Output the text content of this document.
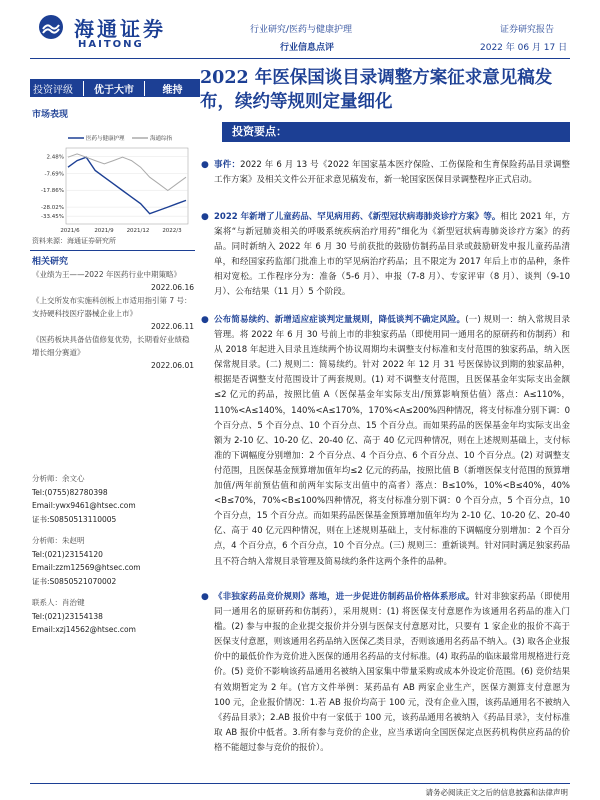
海通证券
HAITONG
行业研究/医药与健康护理
行业信息点评
证券研究报告
2022 年 06 月 17 日
投资评级	优于大市	维持
市场表现
医药与健康护理	海通综指
2.48%
-7.69%
-17.86%
-28.02%
-33.45%
2021/6	2021/9 2021/12 2022/3
资料来源：海通证券研究所
相关研究
《业绩为王——2022 年医药行业中期策略》
2022.06.16
《上交所发布实施科创板上市适用指引第 7 号：支持硬科技医疗器械企业上市》
2022.06.11
《医药板块具备估值修复优势，长期看好业绩稳增长细分赛道》
2022.06.01
分析师：余文心
Tel:(0755)82780398
Email:ywx9461@htsec.com
证书:S0850513110005
分析师：朱赵明
Tel:(021)23154120
Email:zzm12569@htsec.com
证书:S0850521070002
联系人：肖治键
Tel:(021)23154138
Email:xzj14562@htsec.com
2022 年医保国谈目录调整方案征求意见稿发布，续约等规则定量细化
投资要点：
● 事件：2022 年 6 月 13 号《2022 年国家基本医疗保险、工伤保险和生育保险药品目录调整工作方案》及相关文件公开征求意见稿发布，新一轮国家医保目录调整程序正式启动。
● 2022 年新增了儿童药品、罕见病用药、《新型冠状病毒肺炎诊疗方案》等。相比 2021 年，方案将“与新冠肺炎相关的呼吸系统疾病治疗用药”细化为《新型冠状病毒肺炎诊疗方案》的药品。同时新纳入 2022 年 6 月 30 号前获批的鼓励仿制药品目录或鼓励研发申报儿童药品清单，和经国家药监部门批准上市的罕见病治疗药品；且不限定为 2017 年后上市的品种，条件相对宽松。工作程序分为：准备（5-6 月）、申报（7-8 月）、专家评审（8 月）、谈判（9-10 月）、公布结果（11 月）5 个阶段。
● 公布简易续约、新增适应症谈判定量规则，降低谈判不确定风险。(一) 规则一：纳入常规目录管理。将 2022 年 6 月 30 号前上市的非独家药品（即使用同一通用名的原研药和仿制药）和从 2018 年起进入目录且连续两个协议周期均未调整支付标准和支付范围的独家药品，纳入医保常规目录。(二) 规则二：简易续约。针对 2022 年 12 月 31 号医保协议到期的独家品种，根据是否调整支付范围设计了两套规则。(1) 对不调整支付范围，且医保基金年实际支出金额≤2 亿元的药品，按照比值 A（医保基金年实际支出/预算影响预估值）落点：A≤110%，110%<A≤140%，140%<A≤170%，170%<A≤200%四种情况，将支付标准分别下调：0 个百分点、5 个百分点、10 个百分点、15 个百分点。而如果药品的医保基金年均实际支出金额为 2-10 亿、10-20 亿、20-40 亿、高于 40 亿元四种情况，则在上述规则基础上，支付标准的下调幅度分别增加：2 个百分点、4 个百分点、6 个百分点、10 个百分点。(2) 对调整支付范围，且医保基金预算增加值年均≤2 亿元的药品，按照比值 B（新增医保支付范围的预算增加值/两年前预估值和前两年实际支出值中的高者）落点：B≤10%，10%<B≤40%，40%<B≤70%，70%<B≤100%四种情况，将支付标准分别下调：0 个百分点，5 个百分点，10 个百分点，15 个百分点。而如果药品医保基金预算增加值年均为 2-10 亿、10-20 亿、20-40 亿、高于 40 亿元四种情况，则在上述规则基础上，支付标准的下调幅度分别增加：2 个百分点，4 个百分点，6 个百分点，10 个百分点。(三) 规则三：重新谈判。针对同时满足独家药品且不符合纳入常规目录管理及简易续约条件这两个条件的品种。
● 《非独家药品竞价规则》落地，进一步促进仿制药品价格体系形成。针对非独家药品（即使用同一通用名的原研药和仿制药），采用规则：(1) 将医保支付意愿作为该通用名药品的准入门槛。(2) 参与申报的企业提交报价并分别与医保支付意愿对比，只要有 1 家企业的报价不高于医保支付意愿，则该通用名药品纳入医保乙类目录，否则该通用名药品不纳入。(3) 取各企业报价中的最低价作为竞价进入医保的通用名药品的支付标准。(4) 取药品的临床最常用规格进行竞价。(5) 竞价不影响该药品通用名被纳入国家集中带量采购或成本外设定价范围。(6) 竞价结果有效期暂定为 2 年。(官方文件举例：某药品有 AB 两家企业生产，医保方测算支付意愿为 100 元，企业报价情况：1.若 AB 报价均高于 100 元，没有企业入围，该药品通用名不被纳入《药品目录》；2.AB 报价中有一家低于 100 元，该药品通用名被纳入《药品目录》，支付标准取 AB 报价中低者。3.所有参与竞价的企业，应当承诺向全国医保定点医药机构供应药品的价格不能超过参与竞价的报价）。
请务必阅读正文之后的信息披露和法律声明
